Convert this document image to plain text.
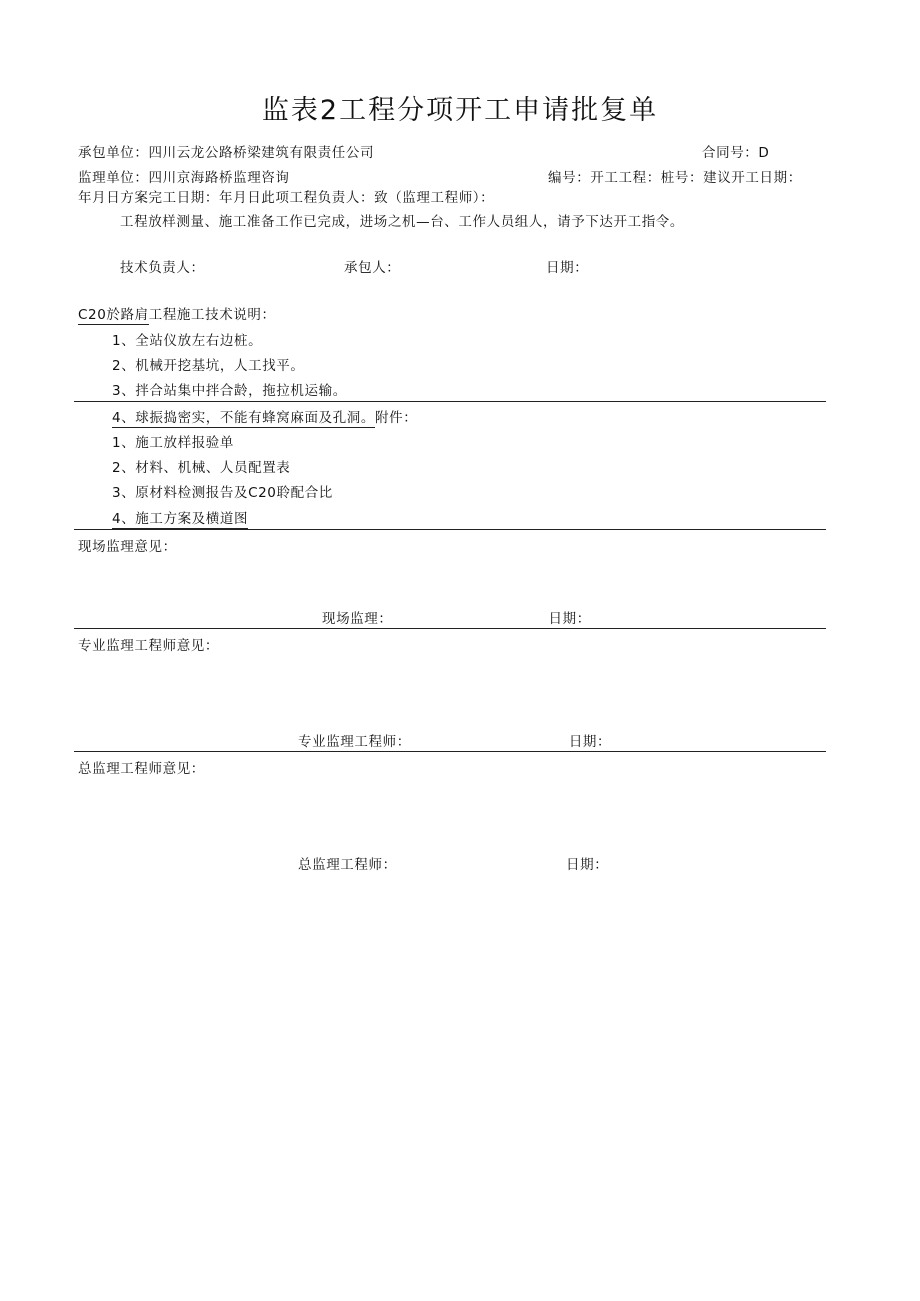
监表2工程分项开工申请批复单
承包单位：四川云龙公路桥梁建筑有限责任公司	合同号：D
监理单位：四川京海路桥监理咨询	编号：开工工程：桩号：建议开工日期：
年月日方案完工日期：年月日此项工程负责人：致（监理工程师）：
工程放样测量、施工准备工作已完成，进场之机—台、工作人员组人，请予下达开工指令。
技术负责人：	承包人：	日期：
C20於路肩工程施工技术说明：
1、全站仪放左右边桩。
2、机械开挖基坑，人工找平。
3、拌合站集中拌合龄，拖拉机运输。
4、球振捣密实，不能有蜂窝麻面及孔洞。附件：
1、施工放样报验单
2、材料、机械、人员配置表
3、原材料检测报告及C20聆配合比
4、施工方案及横道图
现场监理意见：
现场监理：	日期：
专业监理工程师意见：
专业监理工程师：	日期：
总监理工程师意见：
总监理工程师：	日期：
